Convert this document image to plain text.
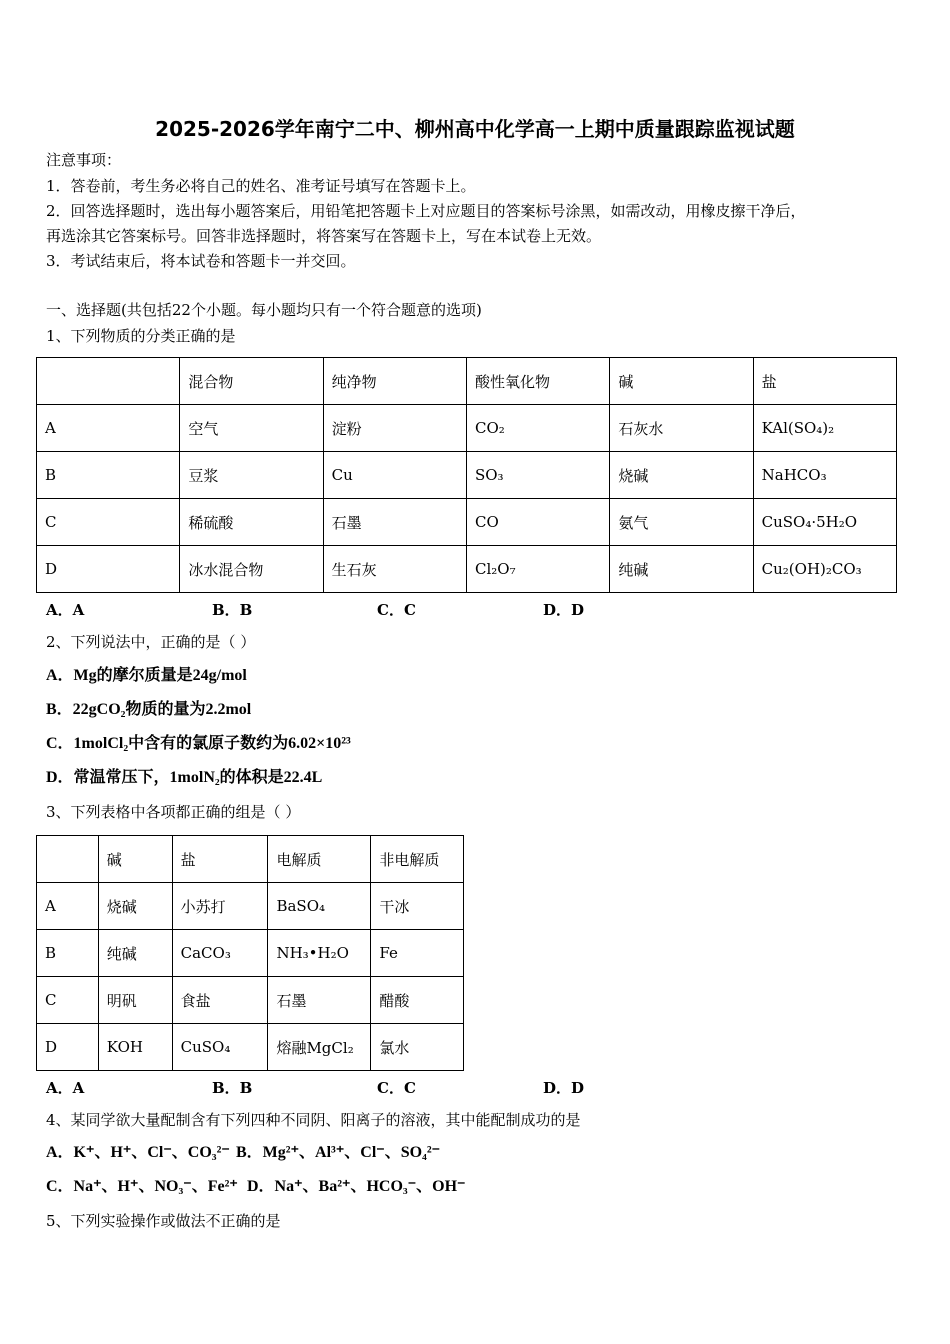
2025-2026学年南宁二中、柳州高中化学高一上期中质量跟踪监视试题
注意事项：
1．答卷前，考生务必将自己的姓名、准考证号填写在答题卡上。
2．回答选择题时，选出每小题答案后，用铅笔把答题卡上对应题目的答案标号涂黑，如需改动，用橡皮擦干净后，
再选涂其它答案标号。回答非选择题时，将答案写在答题卡上，写在本试卷上无效。
3．考试结束后，将本试卷和答题卡一并交回。
一、选择题(共包括22个小题。每小题均只有一个符合题意的选项)
1、下列物质的分类正确的是
	混合物	纯净物	酸性氧化物	碱	盐
A	空气	淀粉	CO₂	石灰水	KAl(SO₄)₂
B	豆浆	Cu	SO₃	烧碱	NaHCO₃
C	稀硫酸	石墨	CO	氨气	CuSO₄·5H₂O
D	冰水混合物	生石灰	Cl₂O₇	纯碱	Cu₂(OH)₂CO₃
A．A	B．B	C．C	D．D
2、下列说法中，正确的是（ ）
A．Mg的摩尔质量是24g/mol
B．22gCO₂物质的量为2.2mol
C．1molCl₂中含有的氯原子数约为6.02×10²³
D．常温常压下，1molN₂的体积是22.4L
3、下列表格中各项都正确的组是（ ）
	碱	盐	电解质	非电解质
A	烧碱	小苏打	BaSO₄	干冰
B	纯碱	CaCO₃	NH₃•H₂O	Fe
C	明矾	食盐	石墨	醋酸
D	KOH	CuSO₄	熔融MgCl₂	氯水
A．A	B．B	C．C	D．D
4、某同学欲大量配制含有下列四种不同阴、阳离子的溶液，其中能配制成功的是
A．K⁺、H⁺、Cl⁻、CO₃²⁻ B．Mg²⁺、Al³⁺、Cl⁻、SO₄²⁻
C．Na⁺、H⁺、NO₃⁻、Fe²⁺ D．Na⁺、Ba²⁺、HCO₃⁻、OH⁻
5、下列实验操作或做法不正确的是
